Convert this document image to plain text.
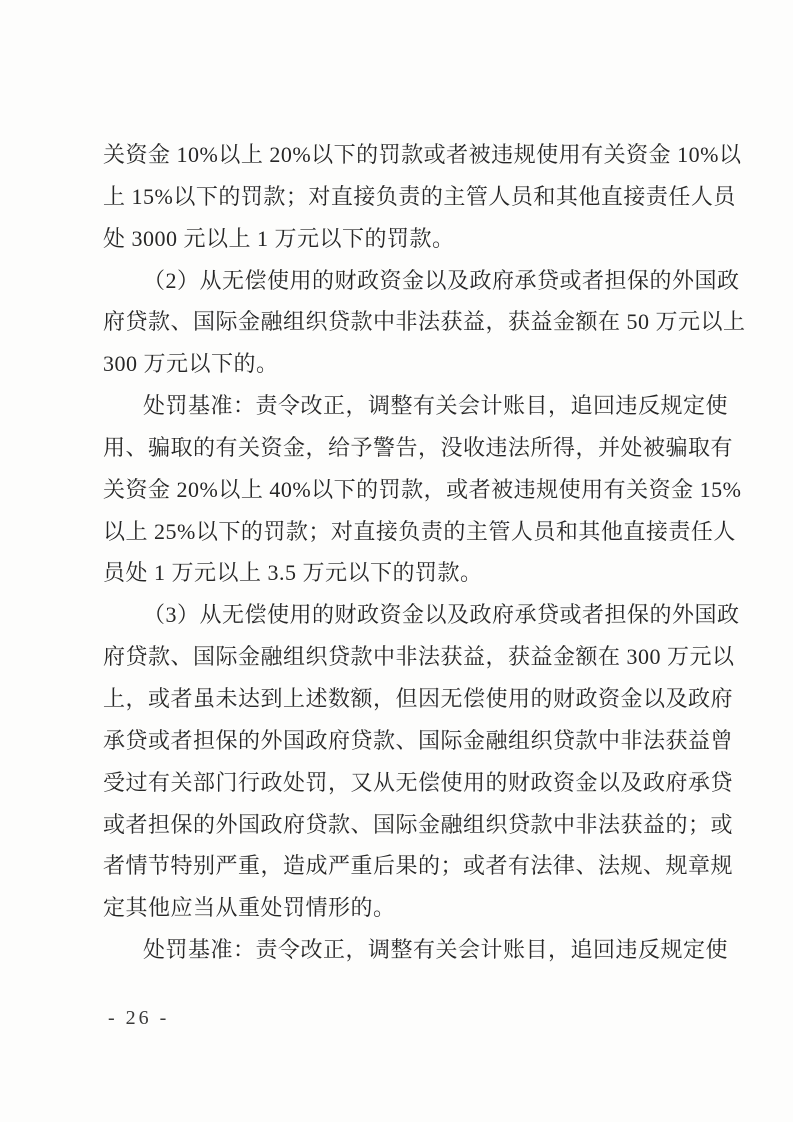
关资金 10%以上 20%以下的罚款或者被违规使用有关资金 10%以

上 15%以下的罚款；对直接负责的主管人员和其他直接责任人员

处 3000 元以上 1 万元以下的罚款。

（2）从无偿使用的财政资金以及政府承贷或者担保的外国政

府贷款、国际金融组织贷款中非法获益，获益金额在 50 万元以上

300 万元以下的。

处罚基准：责令改正，调整有关会计账目，追回违反规定使

用、骗取的有关资金，给予警告，没收违法所得，并处被骗取有

关资金 20%以上 40%以下的罚款，或者被违规使用有关资金 15%

以上 25%以下的罚款；对直接负责的主管人员和其他直接责任人

员处 1 万元以上 3.5 万元以下的罚款。

（3）从无偿使用的财政资金以及政府承贷或者担保的外国政

府贷款、国际金融组织贷款中非法获益，获益金额在 300 万元以

上，或者虽未达到上述数额，但因无偿使用的财政资金以及政府

承贷或者担保的外国政府贷款、国际金融组织贷款中非法获益曾

受过有关部门行政处罚，又从无偿使用的财政资金以及政府承贷

或者担保的外国政府贷款、国际金融组织贷款中非法获益的；或

者情节特别严重，造成严重后果的；或者有法律、法规、规章规

定其他应当从重处罚情形的。

处罚基准：责令改正，调整有关会计账目，追回违反规定使

- 26 -
